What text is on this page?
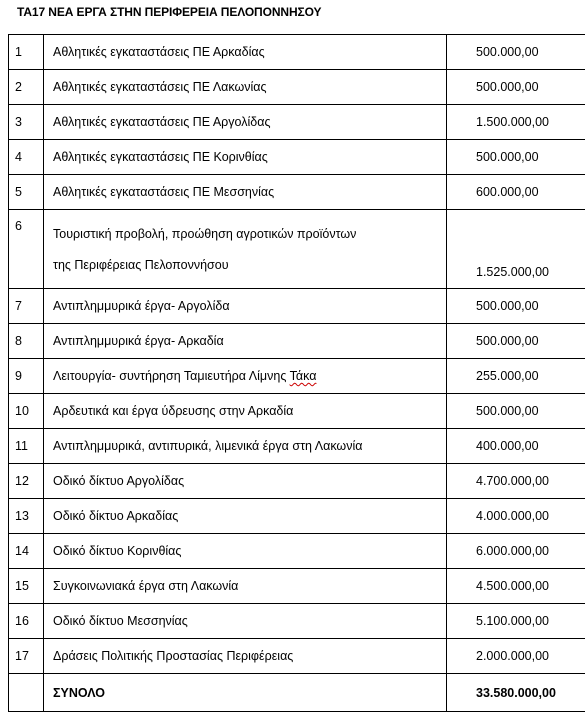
ΤΑ17 ΝΕΑ ΕΡΓΑ ΣΤΗΝ ΠΕΡΙΦΕΡΕΙΑ ΠΕΛΟΠΟΝΝΗΣΟΥ
1	Αθλητικές εγκαταστάσεις ΠΕ Αρκαδίας	500.000,00
2	Αθλητικές εγκαταστάσεις ΠΕ Λακωνίας	500.000,00
3	Αθλητικές εγκαταστάσεις ΠΕ Αργολίδας	1.500.000,00
4	Αθλητικές εγκαταστάσεις ΠΕ Κορινθίας	500.000,00
5	Αθλητικές εγκαταστάσεις ΠΕ Μεσσηνίας	600.000,00
6	Τουριστική προβολή, προώθηση αγροτικών προϊόντων
της Περιφέρειας Πελοποννήσου	1.525.000,00
7	Αντιπλημμυρικά έργα- Αργολίδα	500.000,00
8	Αντιπλημμυρικά έργα- Αρκαδία	500.000,00
9	Λειτουργία- συντήρηση Ταμιευτήρα Λίμνης Τάκα	255.000,00
10	Αρδευτικά και έργα ύδρευσης στην Αρκαδία	500.000,00
11	Αντιπλημμυρικά, αντιπυρικά, λιμενικά έργα στη Λακωνία	400.000,00
12	Οδικό δίκτυο Αργολίδας	4.700.000,00
13	Οδικό δίκτυο Αρκαδίας	4.000.000,00
14	Οδικό δίκτυο Κορινθίας	6.000.000,00
15	Συγκοινωνιακά έργα στη Λακωνία	4.500.000,00
16	Οδικό δίκτυο Μεσσηνίας	5.100.000,00
17	Δράσεις Πολιτικής Προστασίας Περιφέρειας	2.000.000,00
	ΣΥΝΟΛΟ	33.580.000,00
